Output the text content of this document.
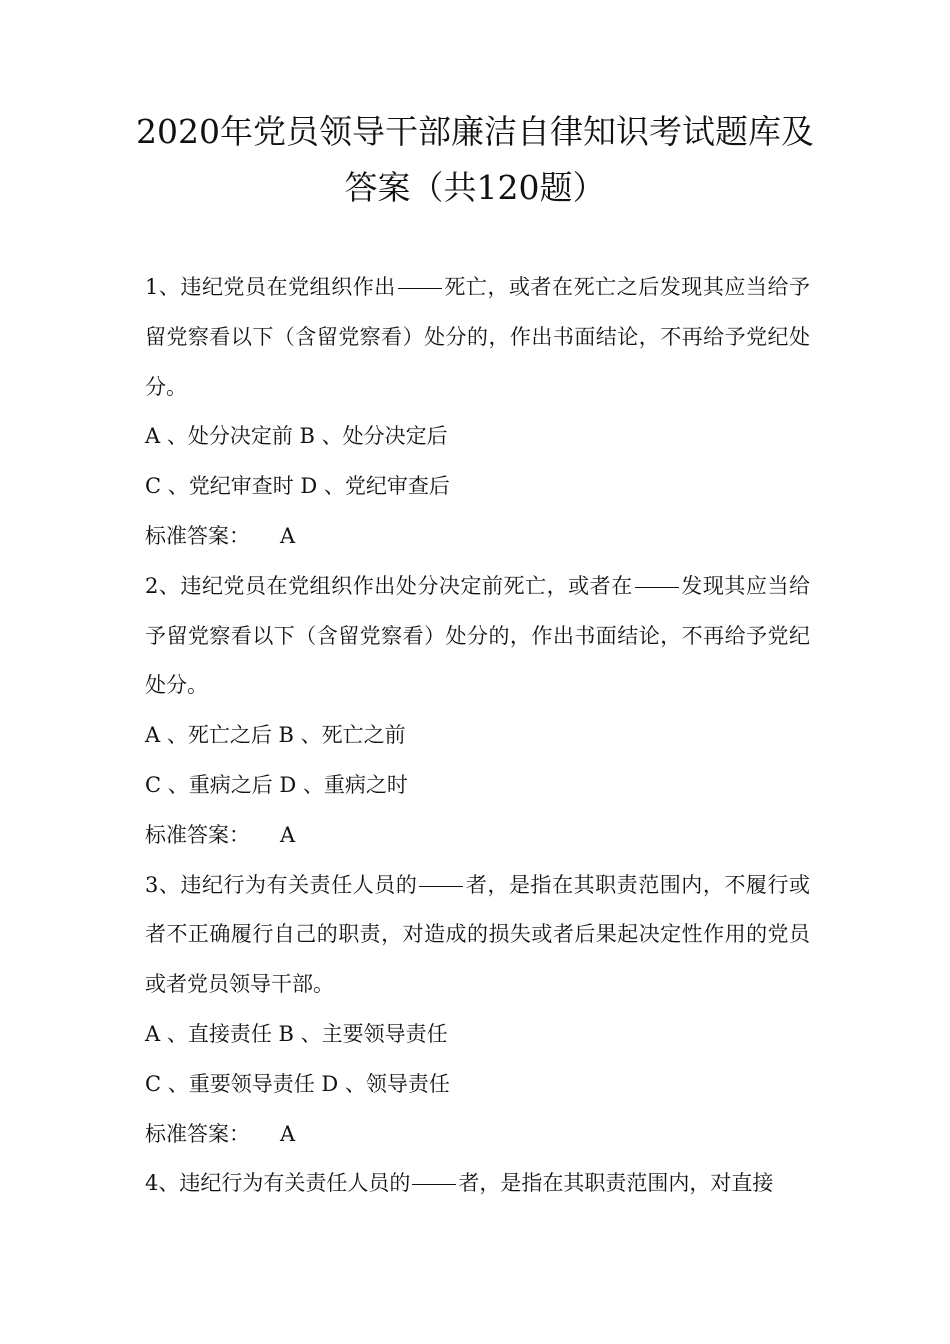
2020年党员领导干部廉洁自律知识考试题库及
答案（共120题）

1、违纪党员在党组织作出 死亡，或者在死亡之后发现其应当给予留党察看以下（含留党察看）处分的，作出书面结论，不再给予党纪处分。

A 、处分决定前 B 、处分决定后

C 、党纪审查时 D 、党纪审查后

标准答案： A

2、违纪党员在党组织作出处分决定前死亡，或者在 发现其应当给予留党察看以下（含留党察看）处分的，作出书面结论，不再给予党纪处分。

A 、死亡之后 B 、死亡之前

C 、重病之后 D 、重病之时

标准答案： A

3、违纪行为有关责任人员的 者，是指在其职责范围内，不履行或者不正确履行自己的职责，对造成的损失或者后果起决定性作用的党员或者党员领导干部。

A 、直接责任 B 、主要领导责任

C 、重要领导责任 D 、领导责任

标准答案： A

4、违纪行为有关责任人员的 者，是指在其职责范围内，对直接
